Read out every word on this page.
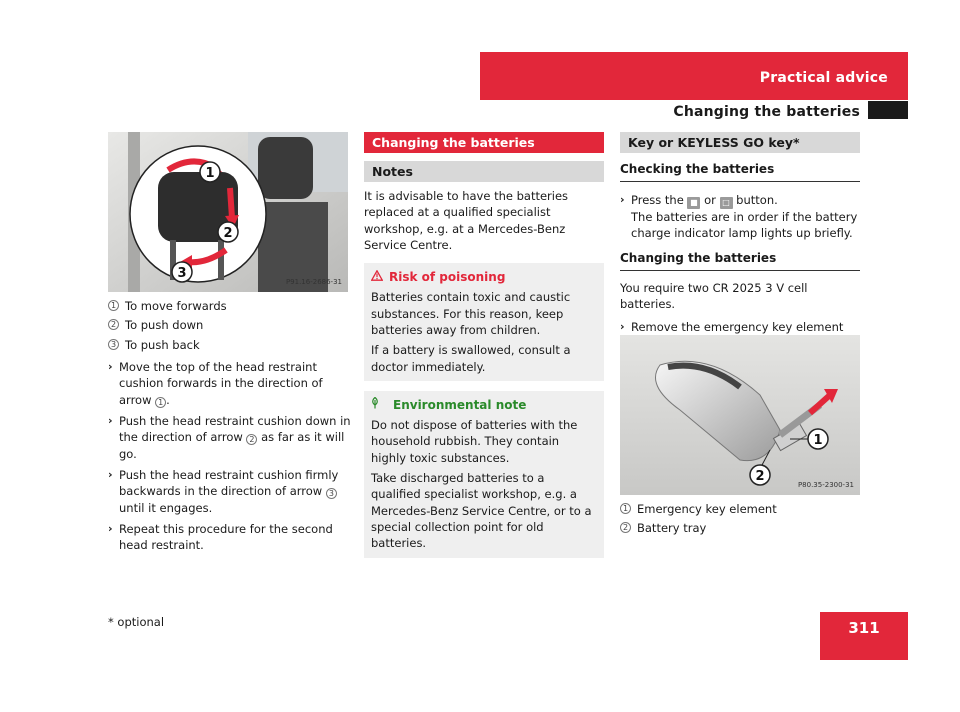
Practical advice
Changing the batteries
1
2
3
P91.16-2686-31
1 To move forwards
2 To push down
3 To push back
› Move the top of the head restraint cushion forwards in the direction of arrow 1 .
› Push the head restraint cushion down in the direction of arrow 2 as far as it will go.
› Push the head restraint cushion firmly backwards in the direction of arrow 3 until it engages.
› Repeat this procedure for the second head restraint.
Changing the batteries
Notes

It is advisable to have the batteries replaced at a qualified specialist workshop, e.g. at a Mercedes-Benz Service Centre.

Risk of poisoning

Batteries contain toxic and caustic substances. For this reason, keep batteries away from children.

If a battery is swallowed, consult a doctor immediately.

Environmental note

Do not dispose of batteries with the household rubbish. They contain highly toxic substances.

Take discharged batteries to a qualified specialist workshop, e.g. a Mercedes-Benz Service Centre, or to a special collection point for old batteries.

Key or KEYLESS GO key*
Checking the batteries
› Press the ■ or □ button.
The batteries are in order if the battery charge indicator lamp lights up briefly.
Changing the batteries

You require two CR 2025 3 V cell batteries.

› Remove the emergency key element
1
2
P80.35-2300-31
1 Emergency key element
2 Battery tray
* optional	311
